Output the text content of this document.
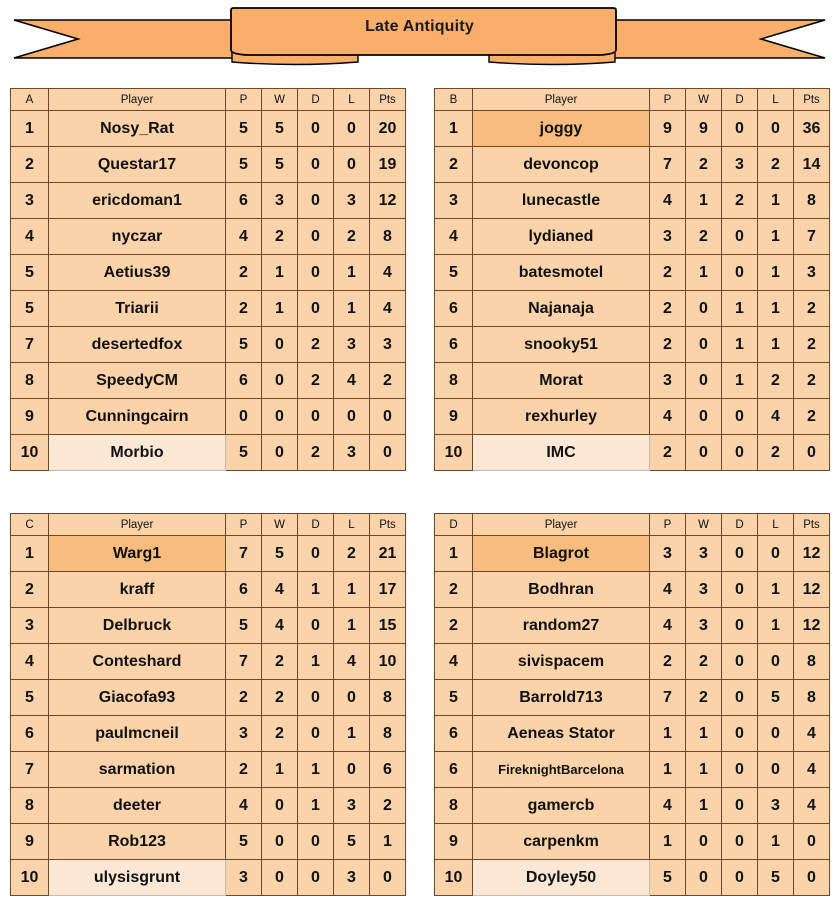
Late Antiquity
A	Player	P	W	D	L	Pts
1	Nosy_Rat	5	5	0	0	20
2	Questar17	5	5	0	0	19
3	ericdoman1	6	3	0	3	12
4	nyczar	4	2	0	2	8
5	Aetius39	2	1	0	1	4
5	Triarii	2	1	0	1	4
7	desertedfox	5	0	2	3	3
8	SpeedyCM	6	0	2	4	2
9	Cunningcairn	0	0	0	0	0
10	Morbio	5	0	2	3	0
B	Player	P	W	D	L	Pts
1	joggy	9	9	0	0	36
2	devoncop	7	2	3	2	14
3	lunecastle	4	1	2	1	8
4	lydianed	3	2	0	1	7
5	batesmotel	2	1	0	1	3
6	Najanaja	2	0	1	1	2
6	snooky51	2	0	1	1	2
8	Morat	3	0	1	2	2
9	rexhurley	4	0	0	4	2
10	IMC	2	0	0	2	0
C	Player	P	W	D	L	Pts
1	Warg1	7	5	0	2	21
2	kraff	6	4	1	1	17
3	Delbruck	5	4	0	1	15
4	Conteshard	7	2	1	4	10
5	Giacofa93	2	2	0	0	8
6	paulmcneil	3	2	0	1	8
7	sarmation	2	1	1	0	6
8	deeter	4	0	1	3	2
9	Rob123	5	0	0	5	1
10	ulysisgrunt	3	0	0	3	0
D	Player	P	W	D	L	Pts
1	Blagrot	3	3	0	0	12
2	Bodhran	4	3	0	1	12
2	random27	4	3	0	1	12
4	sivispacem	2	2	0	0	8
5	Barrold713	7	2	0	5	8
6	Aeneas Stator	1	1	0	0	4
6	FireknightBarcelona	1	1	0	0	4
8	gamercb	4	1	0	3	4
9	carpenkm	1	0	0	1	0
10	Doyley50	5	0	0	5	0
